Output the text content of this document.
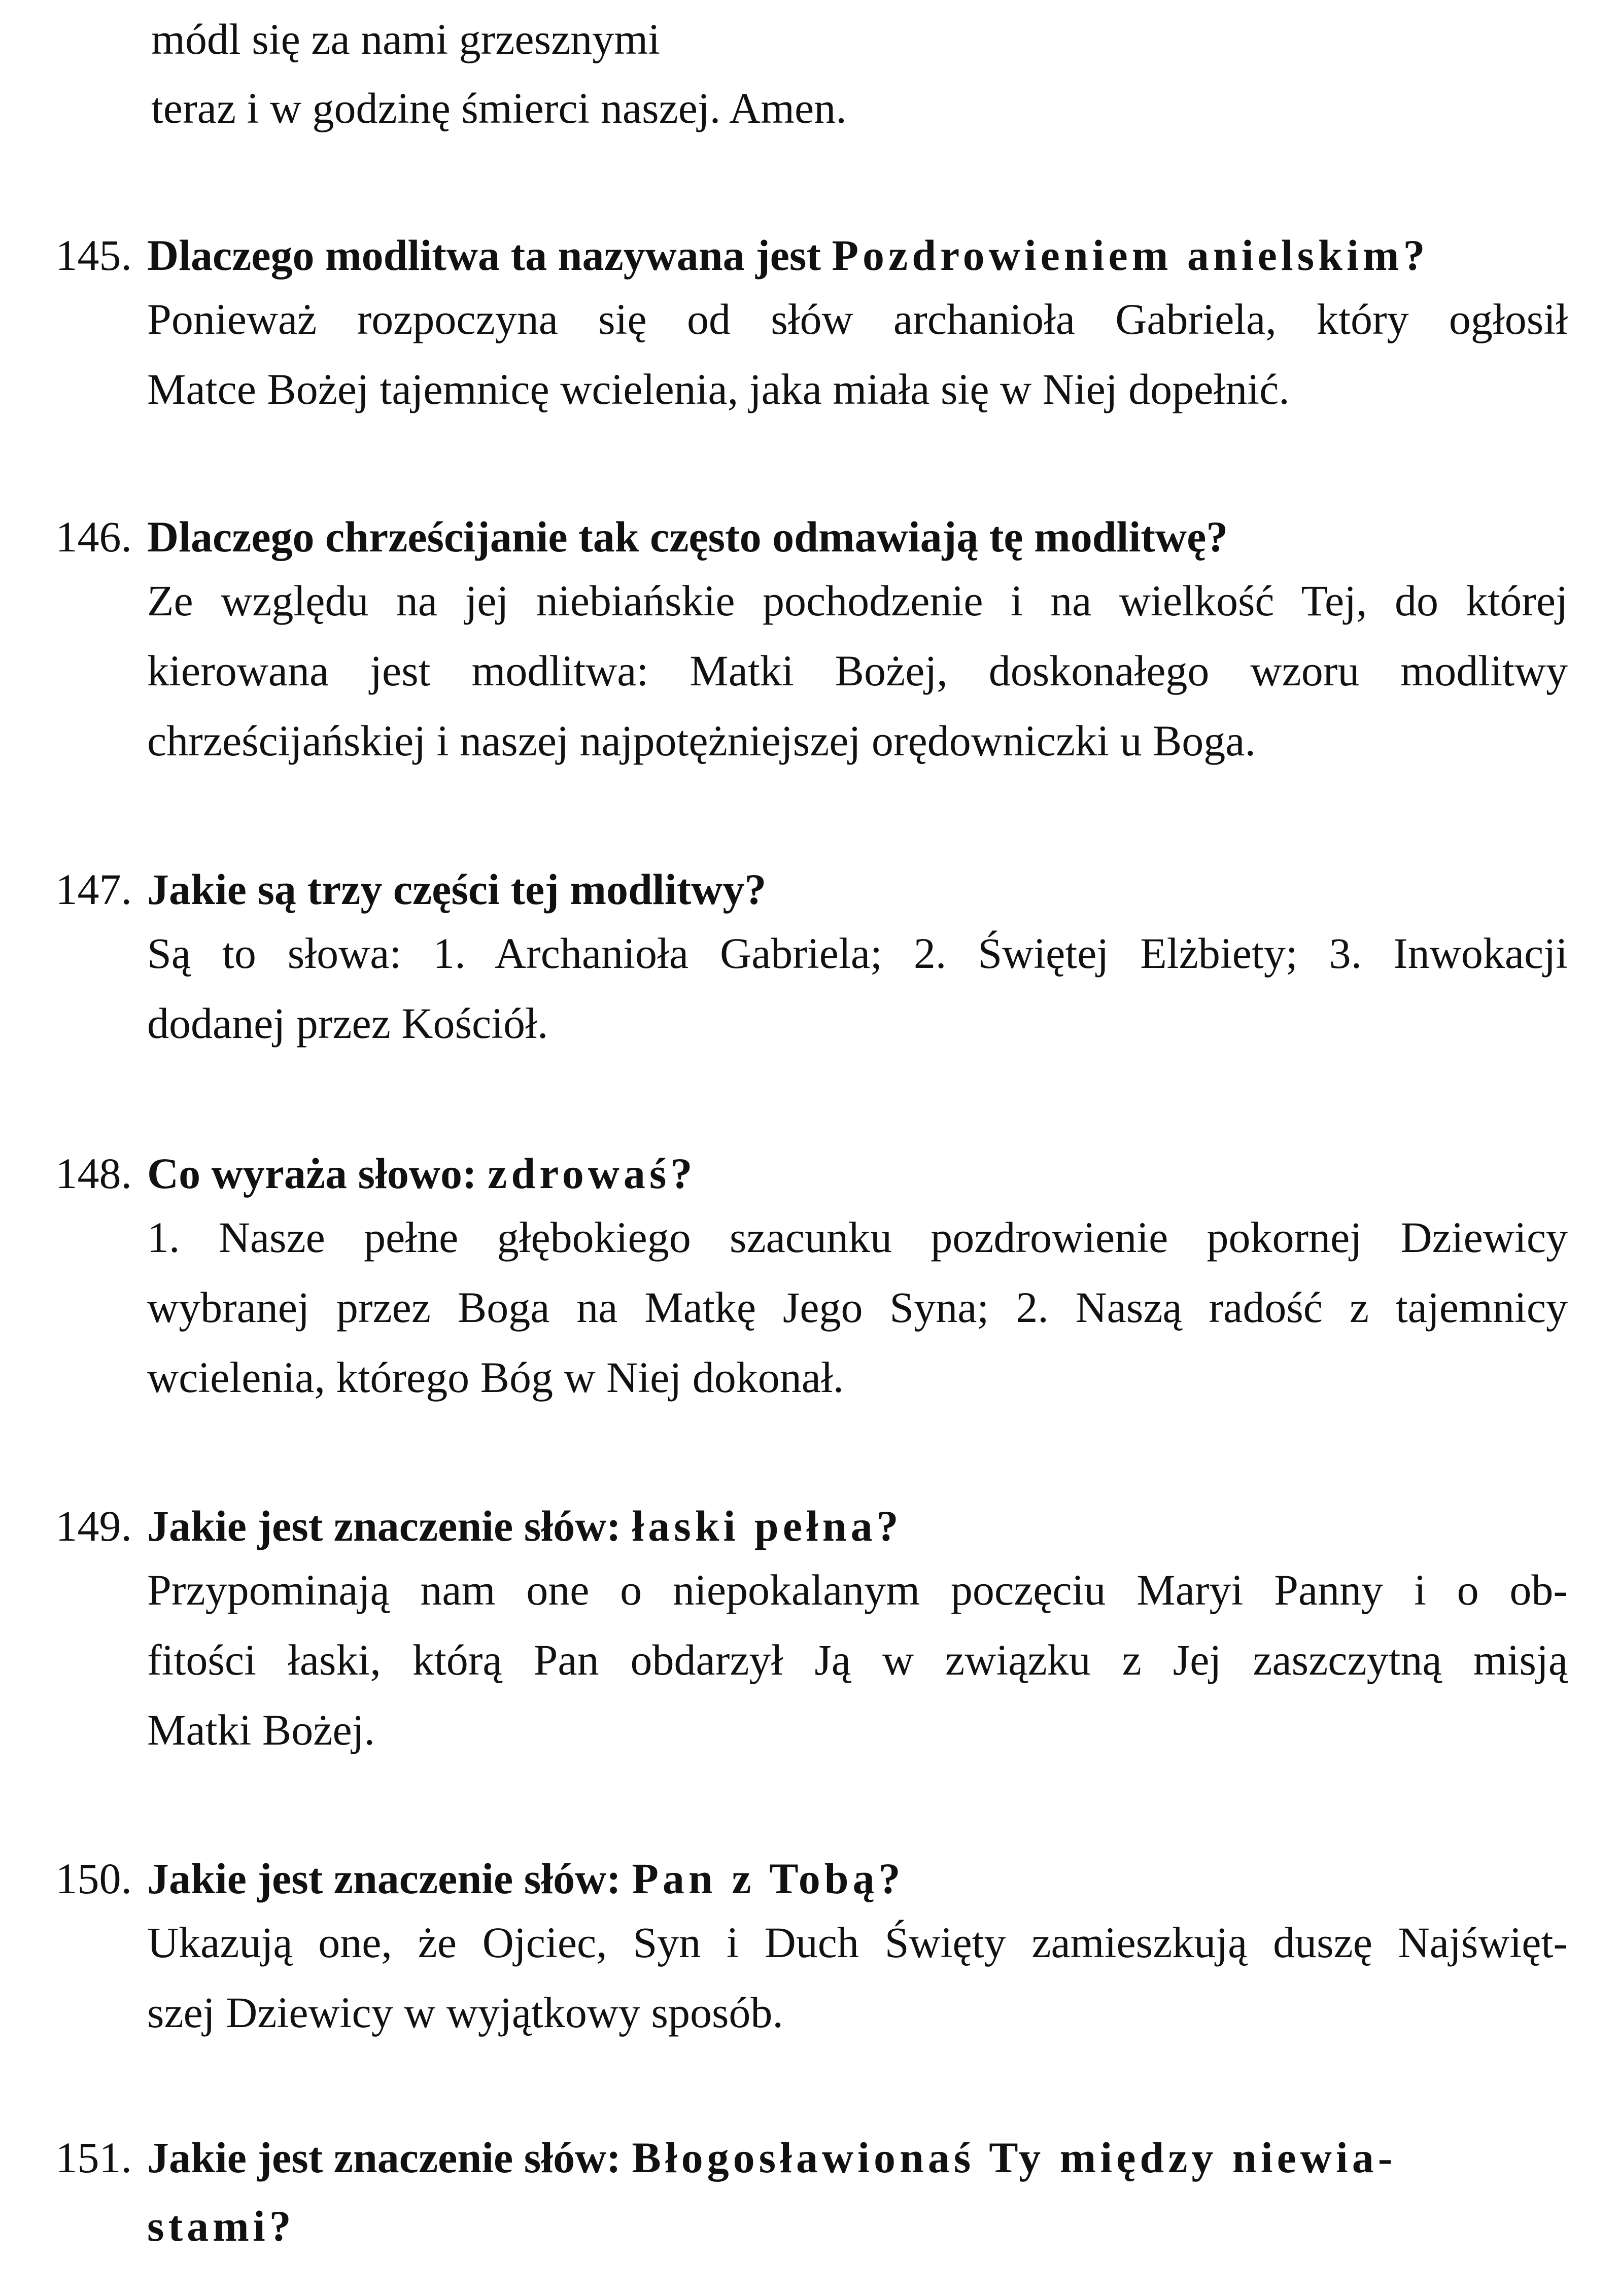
módl się za nami grzesznymi
teraz i w godzinę śmierci naszej. Amen.
145. Dlaczego modlitwa ta nazywana jest Pozdrowieniem anielskim?
Ponieważ rozpoczyna się od słów archanioła Gabriela, który ogłosił
Matce Bożej tajemnicę wcielenia, jaka miała się w Niej dopełnić.
146. Dlaczego chrześcijanie tak często odmawiają tę modlitwę?
Ze względu na jej niebiańskie pochodzenie i na wielkość Tej, do której
kierowana jest modlitwa: Matki Bożej, doskonałego wzoru modlitwy
chrześcijańskiej i naszej najpotężniejszej orędowniczki u Boga.
147. Jakie są trzy części tej modlitwy?
Są to słowa: 1. Archanioła Gabriela; 2. Świętej Elżbiety; 3. Inwokacji
dodanej przez Kościół.
148. Co wyraża słowo: zdrowaś?
1. Nasze pełne głębokiego szacunku pozdrowienie pokornej Dziewicy
wybranej przez Boga na Matkę Jego Syna; 2. Naszą radość z tajemnicy
wcielenia, którego Bóg w Niej dokonał.
149. Jakie jest znaczenie słów: łaski pełna?
Przypominają nam one o niepokalanym poczęciu Maryi Panny i o ob-
fitości łaski, którą Pan obdarzył Ją w związku z Jej zaszczytną misją
Matki Bożej.
150. Jakie jest znaczenie słów: Pan z Tobą?
Ukazują one, że Ojciec, Syn i Duch Święty zamieszkują duszę Najświęt-
szej Dziewicy w wyjątkowy sposób.
151. Jakie jest znaczenie słów: Błogosławionaś Ty między niewia-
stami?
